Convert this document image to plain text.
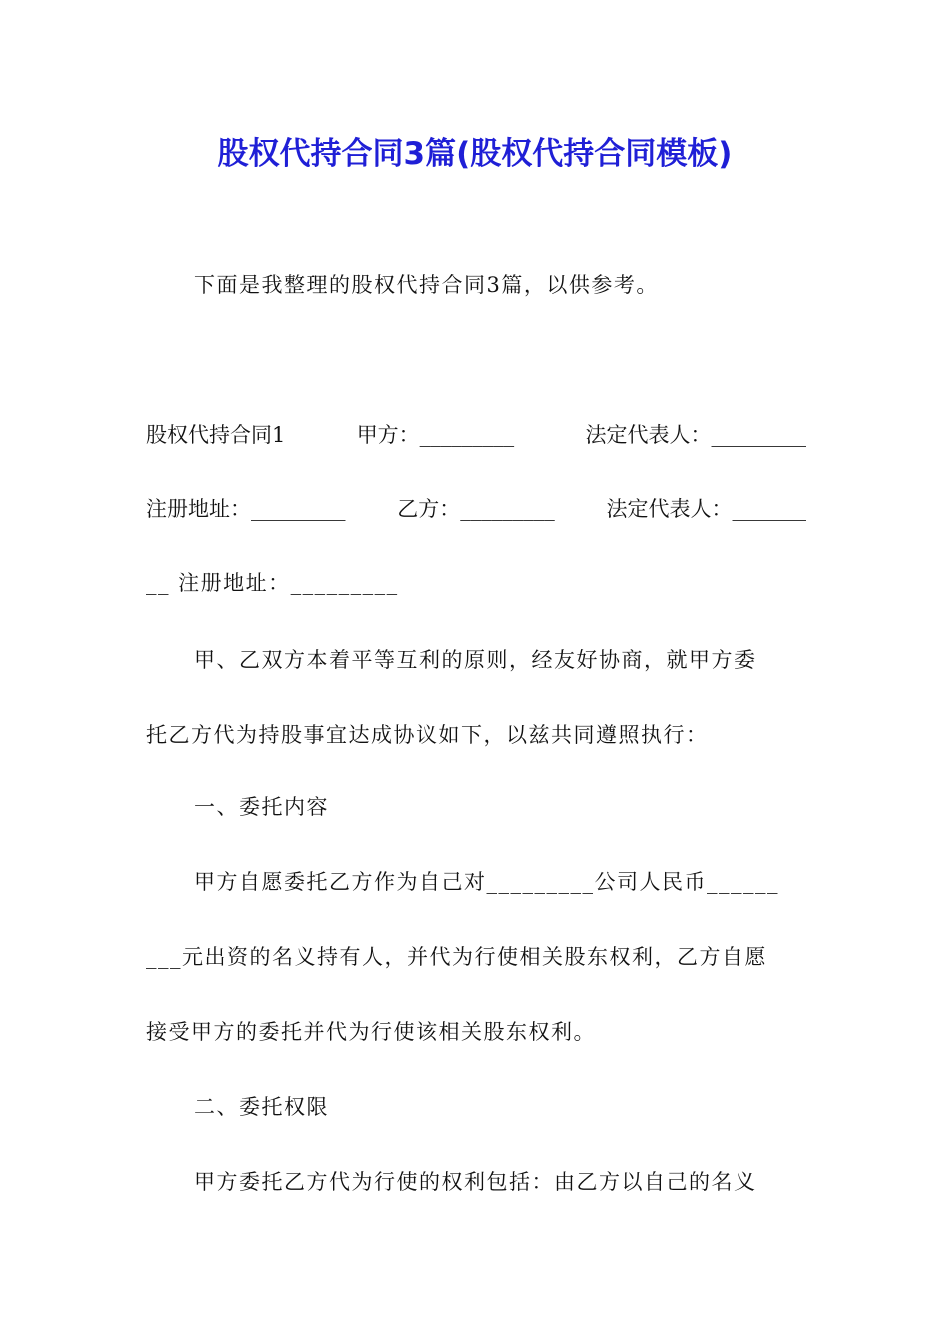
股权代持合同3篇(股权代持合同模板)
下面是我整理的股权代持合同3篇，以供参考。
股权代持合同1	甲方：_________	法定代表人：_________
注册地址：_________ 乙方：_________ 法定代表人：_______
__ 注册地址：_________
甲、乙双方本着平等互利的原则，经友好协商，就甲方委
托乙方代为持股事宜达成协议如下，以兹共同遵照执行：
一、委托内容
甲方自愿委托乙方作为自己对_________公司人民币______
___元出资的名义持有人，并代为行使相关股东权利，乙方自愿
接受甲方的委托并代为行使该相关股东权利。
二、委托权限
甲方委托乙方代为行使的权利包括：由乙方以自己的名义
